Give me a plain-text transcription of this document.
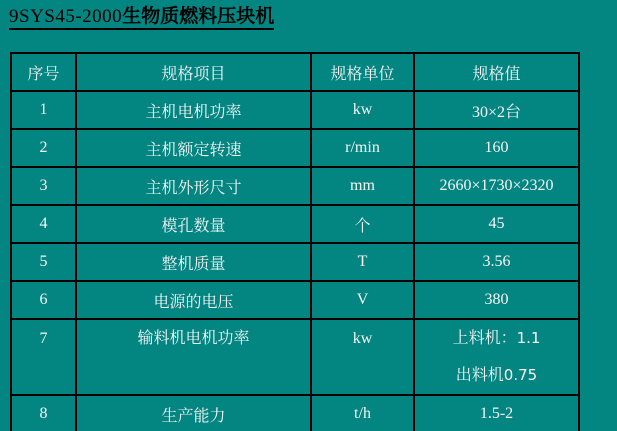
9SYS45-2000生物质燃料压块机
序号	规格项目	规格单位	规格值
1	主机电机功率	kw	30×2台
2	主机额定转速	r/min	160
3	主机外形尺寸	mm	2660×1730×2320
4	模孔数量	个	45
5	整机质量	T	3.56
6	电源的电压	V	380

7	输料机电机功率	kw	上料机：1.1
出料机0.75

8	生产能力	t/h	1.5-2
